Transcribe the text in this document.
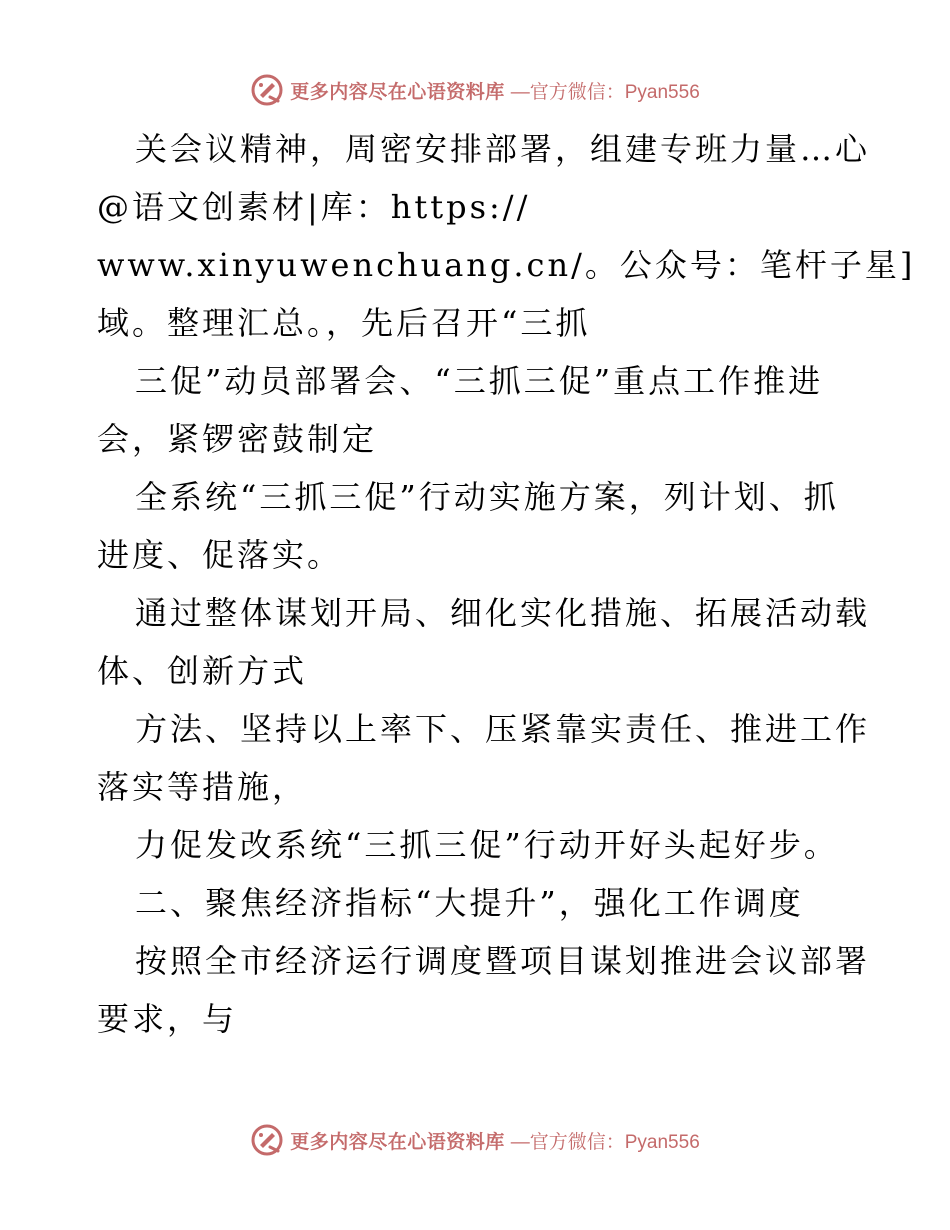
更多内容尽在心语资料库 —官方微信：Pyan556
关会议精神，周密安排部署，组建专班力量…心
@语文创素材|库：https://
www.xinyuwenchuang.cn/。公众号：笔杆子星]
域。整理汇总。，先后召开“三抓
三促”动员部署会、“三抓三促”重点工作推进
会，紧锣密鼓制定
全系统“三抓三促”行动实施方案，列计划、抓
进度、促落实。
通过整体谋划开局、细化实化措施、拓展活动载
体、创新方式
方法、坚持以上率下、压紧靠实责任、推进工作
落实等措施，
力促发改系统“三抓三促”行动开好头起好步。
二、聚焦经济指标“大提升”，强化工作调度
按照全市经济运行调度暨项目谋划推进会议部署
要求，与
更多内容尽在心语资料库 —官方微信：Pyan556
